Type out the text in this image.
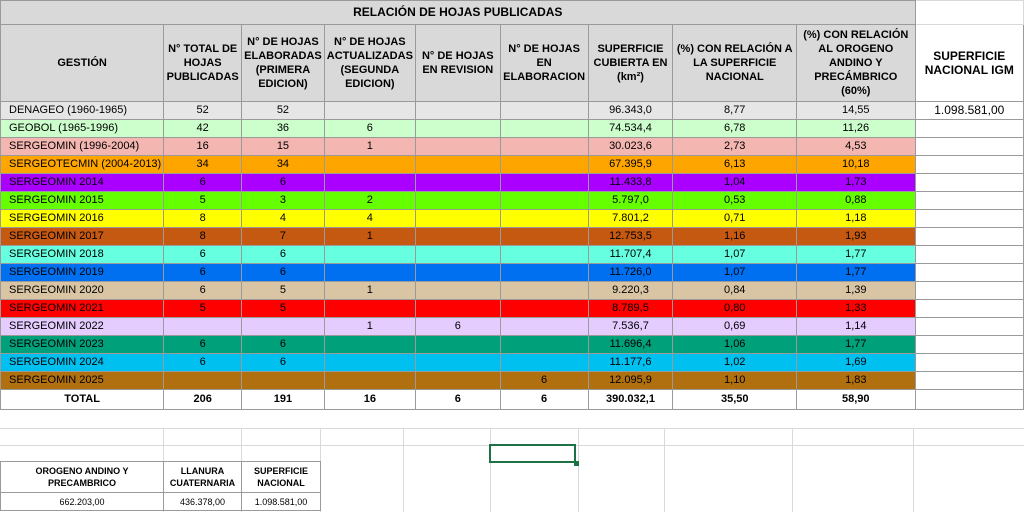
RELACIÓN DE HOJAS PUBLICADAS									
GESTIÓN	N° TOTAL DE HOJAS PUBLICADAS	N° DE HOJAS ELABORADAS (PRIMERA EDICION)	N° DE HOJAS ACTUALIZADAS (SEGUNDA EDICION)	N° DE HOJAS EN REVISION	N° DE HOJAS EN ELABORACION	SUPERFICIE CUBIERTA EN (km²)	(%) CON RELACIÓN A LA SUPERFICIE NACIONAL	(%) CON RELACIÓN AL OROGENO ANDINO Y PRECÁMBRICO (60%)	SUPERFICIE NACIONAL IGM
DENAGEO (1960-1965)	52	52				96.343,0	8,77	14,55	1.098.581,00
GEOBOL (1965-1996)	42	36	6			74.534,4	6,78	11,26	
SERGEOMIN (1996-2004)	16	15	1			30.023,6	2,73	4,53	
SERGEOTECMIN (2004-2013)	34	34				67.395,9	6,13	10,18	
SERGEOMIN 2014	6	6				11.433,8	1,04	1,73	
SERGEOMIN 2015	5	3	2			5.797,0	0,53	0,88	
SERGEOMIN 2016	8	4	4			7.801,2	0,71	1,18	
SERGEOMIN 2017	8	7	1			12.753,5	1,16	1,93	
SERGEOMIN 2018	6	6				11.707,4	1,07	1,77	
SERGEOMIN 2019	6	6				11.726,0	1,07	1,77	
SERGEOMIN 2020	6	5	1			9.220,3	0,84	1,39	
SERGEOMIN 2021	5	5				8.789,5	0,80	1,33	
SERGEOMIN 2022			1	6		7.536,7	0,69	1,14	
SERGEOMIN 2023	6	6				11.696,4	1,06	1,77	
SERGEOMIN 2024	6	6				11.177,6	1,02	1,69	
SERGEOMIN 2025					6	12.095,9	1,10	1,83	
TOTAL	206	191	16	6	6	390.032,1	35,50	58,90	
OROGENO ANDINO Y PRECAMBRICO	LLANURA CUATERNARIA	SUPERFICIE NACIONAL
662.203,00	436.378,00	1.098.581,00
